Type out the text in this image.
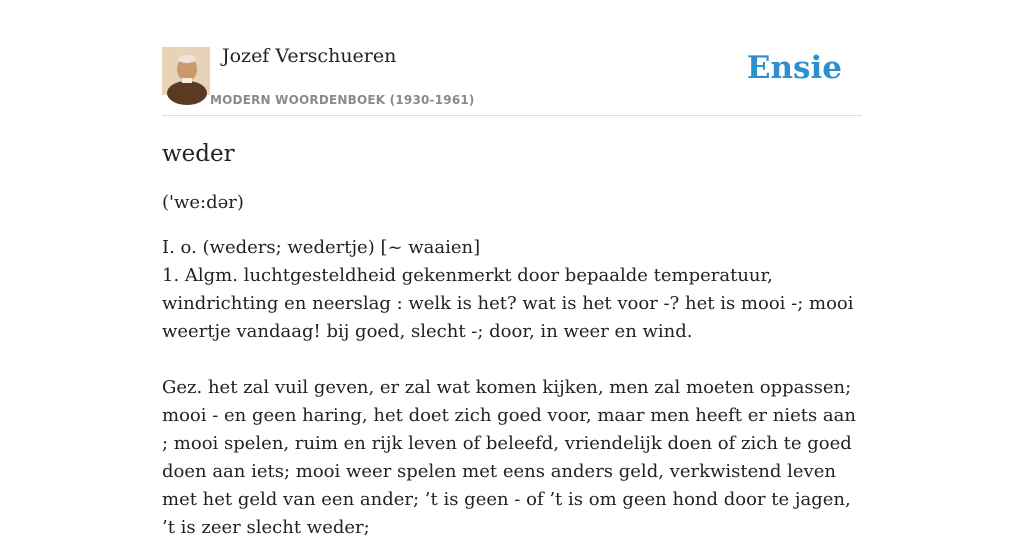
Jozef Verschueren
MODERN WOORDENBOEK (1930-1961)
Ensie
weder
('we:dər)
I. o. (weders; wedertje) [~ waaien]
1. Algm. luchtgesteldheid gekenmerkt door bepaalde temperatuur, windrichting en neerslag : welk is het? wat is het voor -? het is mooi -; mooi weertje vandaag! bij goed, slecht -; door, in weer en wind.

Gez. het zal vuil geven, er zal wat komen kijken, men zal moeten oppassen; mooi - en geen haring, het doet zich goed voor, maar men heeft er niets aan ; mooi spelen, ruim en rijk leven of beleefd, vriendelijk doen of zich te goed doen aan iets; mooi weer spelen met eens anders geld, verkwistend leven met het geld van een ander; ’t is geen - of ’t is om geen hond door te jagen, ’t is zeer slecht weder;
